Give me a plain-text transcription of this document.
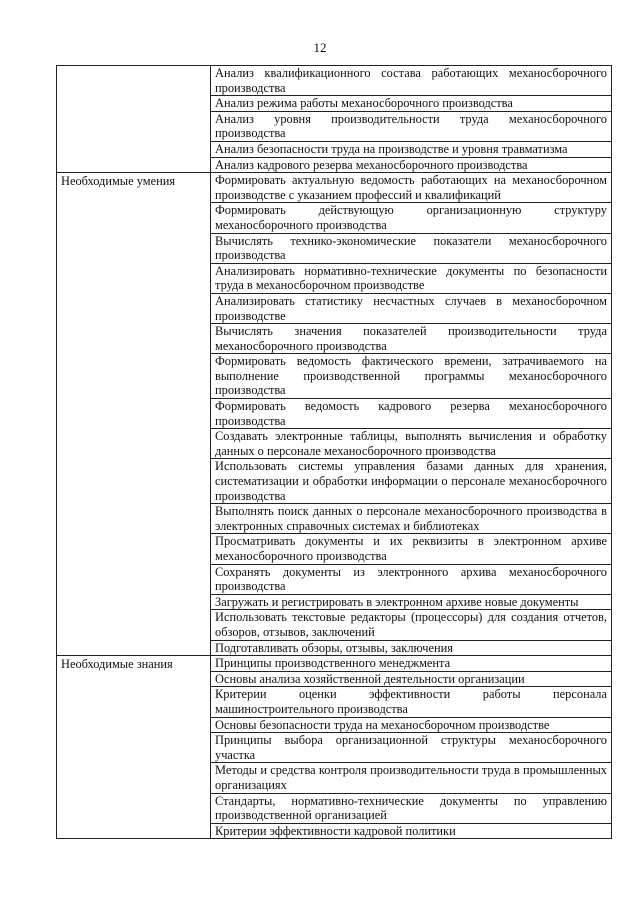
12
	Анализ квалификационного состава работающих механосборочного производства
	Анализ режима работы механосборочного производства
	Анализ уровня производительности труда механосборочного производства
	Анализ безопасности труда на производстве и уровня травматизма
	Анализ кадрового резерва механосборочного производства
Необходимые умения	Формировать актуальную ведомость работающих на механосборочном производстве с указанием профессий и квалификаций
	Формировать действующую организационную структуру механосборочного производства
	Вычислять технико-экономические показатели механосборочного производства
	Анализировать нормативно-технические документы по безопасности труда в механосборочном производстве
	Анализировать статистику несчастных случаев в механосборочном производстве
	Вычислять значения показателей производительности труда механосборочного производства
	Формировать ведомость фактического времени, затрачиваемого на выполнение производственной программы механосборочного производства
	Формировать ведомость кадрового резерва механосборочного производства
	Создавать электронные таблицы, выполнять вычисления и обработку данных о персонале механосборочного производства
	Использовать системы управления базами данных для хранения, систематизации и обработки информации о персонале механосборочного производства
	Выполнять поиск данных о персонале механосборочного производства в электронных справочных системах и библиотеках
	Просматривать документы и их реквизиты в электронном архиве механосборочного производства
	Сохранять документы из электронного архива механосборочного производства
	Загружать и регистрировать в электронном архиве новые документы
	Использовать текстовые редакторы (процессоры) для создания отчетов, обзоров, отзывов, заключений
	Подготавливать обзоры, отзывы, заключения
Необходимые знания	Принципы производственного менеджмента
	Основы анализа хозяйственной деятельности организации
	Критерии оценки эффективности работы персонала машиностроительного производства
	Основы безопасности труда на механосборочном производстве
	Принципы выбора организационной структуры механосборочного участка
	Методы и средства контроля производительности труда в промышленных организациях
	Стандарты, нормативно-технические документы по управлению производственной организацией
	Критерии эффективности кадровой политики
